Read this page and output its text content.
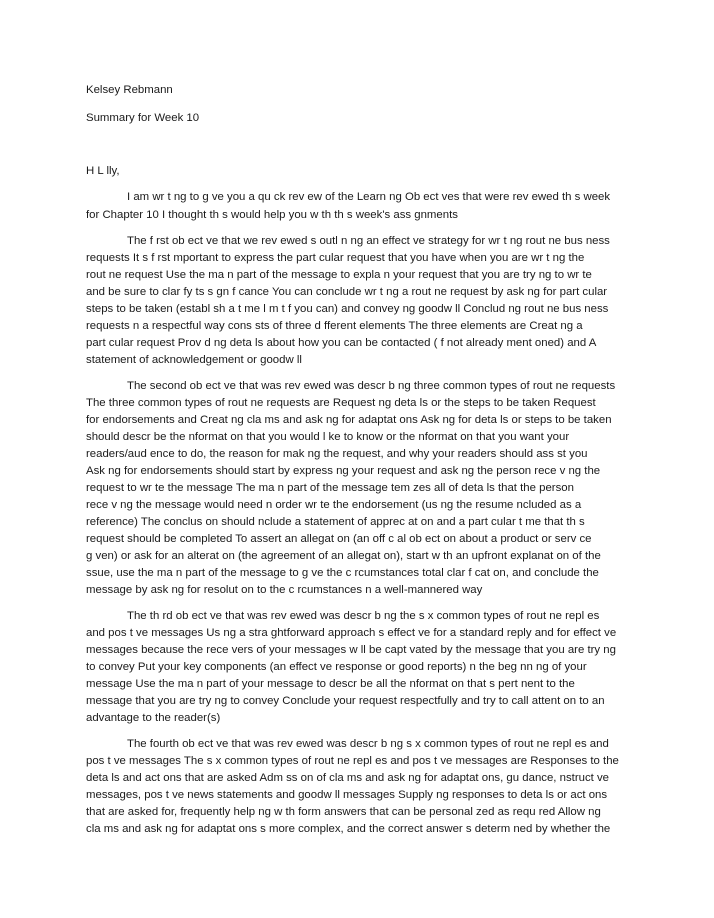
Kelsey Rebmann
Summary for Week 10
H L lly,
I am wr t ng to g ve you a qu ck rev ew of the Learn ng Ob ect ves that were rev ewed th s week
for Chapter 10 I thought th s would help you w th th s week's ass gnments
The f rst ob ect ve that we rev ewed s outl n ng an effect ve strategy for wr t ng rout ne bus ness
requests It s f rst mportant to express the part cular request that you have when you are wr t ng the
rout ne request Use the ma n part of the message to expla n your request that you are try ng to wr te
and be sure to clar fy ts s gn f cance You can conclude wr t ng a rout ne request by ask ng for part cular
steps to be taken (establ sh a t me l m t f you can) and convey ng goodw ll Conclud ng rout ne bus ness
requests n a respectful way cons sts of three d fferent elements The three elements are Creat ng a
part cular request Prov d ng deta ls about how you can be contacted ( f not already ment oned) and A
statement of acknowledgement or goodw ll
The second ob ect ve that was rev ewed was descr b ng three common types of rout ne requests
The three common types of rout ne requests are Request ng deta ls or the steps to be taken Request
for endorsements and Creat ng cla ms and ask ng for adaptat ons Ask ng for deta ls or steps to be taken
should descr be the nformat on that you would l ke to know or the nformat on that you want your
readers/aud ence to do, the reason for mak ng the request, and why your readers should ass st you
Ask ng for endorsements should start by express ng your request and ask ng the person rece v ng the
request to wr te the message The ma n part of the message tem zes all of deta ls that the person
rece v ng the message would need n order wr te the endorsement (us ng the resume ncluded as a
reference) The conclus on should nclude a statement of apprec at on and a part cular t me that th s
request should be completed To assert an allegat on (an off c al ob ect on about a product or serv ce
g ven) or ask for an alterat on (the agreement of an allegat on), start w th an upfront explanat on of the
ssue, use the ma n part of the message to g ve the c rcumstances total clar f cat on, and conclude the
message by ask ng for resolut on to the c rcumstances n a well-mannered way
The th rd ob ect ve that was rev ewed was descr b ng the s x common types of rout ne repl es
and pos t ve messages Us ng a stra ghtforward approach s effect ve for a standard reply and for effect ve
messages because the rece vers of your messages w ll be capt vated by the message that you are try ng
to convey Put your key components (an effect ve response or good reports) n the beg nn ng of your
message Use the ma n part of your message to descr be all the nformat on that s pert nent to the
message that you are try ng to convey Conclude your request respectfully and try to call attent on to an
advantage to the reader(s)
The fourth ob ect ve that was rev ewed was descr b ng s x common types of rout ne repl es and
pos t ve messages The s x common types of rout ne repl es and pos t ve messages are Responses to the
deta ls and act ons that are asked Adm ss on of cla ms and ask ng for adaptat ons, gu dance, nstruct ve
messages, pos t ve news statements and goodw ll messages Supply ng responses to deta ls or act ons
that are asked for, frequently help ng w th form answers that can be personal zed as requ red Allow ng
cla ms and ask ng for adaptat ons s more complex, and the correct answer s determ ned by whether the
